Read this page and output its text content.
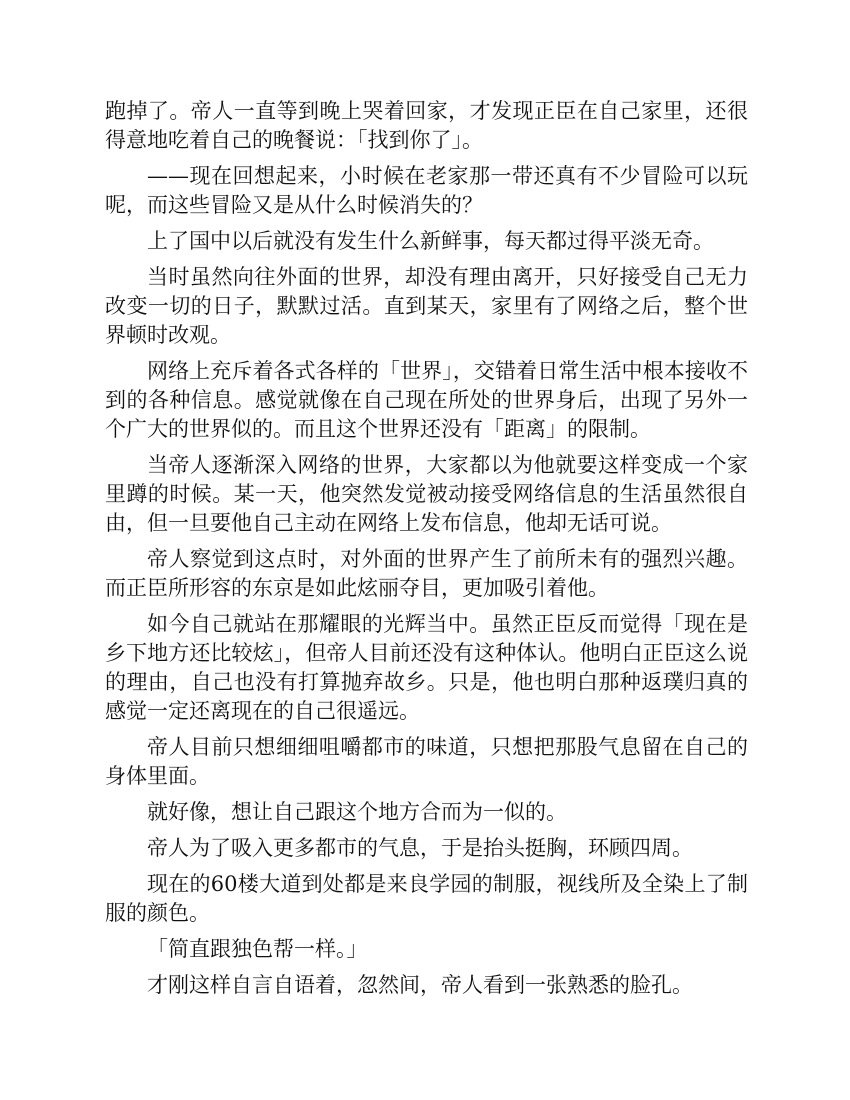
跑掉了。帝人一直等到晚上哭着回家，才发现正臣在自己家里，还很得意地吃着自己的晚餐说：「找到你了」。

——现在回想起来，小时候在老家那一带还真有不少冒险可以玩呢，而这些冒险又是从什么时候消失的？

上了国中以后就没有发生什么新鲜事，每天都过得平淡无奇。

当时虽然向往外面的世界，却没有理由离开，只好接受自己无力改变一切的日子，默默过活。直到某天，家里有了网络之后，整个世界顿时改观。

网络上充斥着各式各样的「世界」，交错着日常生活中根本接收不到的各种信息。感觉就像在自己现在所处的世界身后，出现了另外一个广大的世界似的。而且这个世界还没有「距离」的限制。

当帝人逐渐深入网络的世界，大家都以为他就要这样变成一个家里蹲的时候。某一天，他突然发觉被动接受网络信息的生活虽然很自由，但一旦要他自己主动在网络上发布信息，他却无话可说。

帝人察觉到这点时，对外面的世界产生了前所未有的强烈兴趣。而正臣所形容的东京是如此炫丽夺目，更加吸引着他。

如今自己就站在那耀眼的光辉当中。虽然正臣反而觉得「现在是乡下地方还比较炫」，但帝人目前还没有这种体认。他明白正臣这么说的理由，自己也没有打算抛弃故乡。只是，他也明白那种返璞归真的感觉一定还离现在的自己很遥远。

帝人目前只想细细咀嚼都市的味道，只想把那股气息留在自己的身体里面。

就好像，想让自己跟这个地方合而为一似的。

帝人为了吸入更多都市的气息，于是抬头挺胸，环顾四周。

现在的60楼大道到处都是来良学园的制服，视线所及全染上了制服的颜色。

「简直跟独色帮一样。」

才刚这样自言自语着，忽然间，帝人看到一张熟悉的脸孔。
